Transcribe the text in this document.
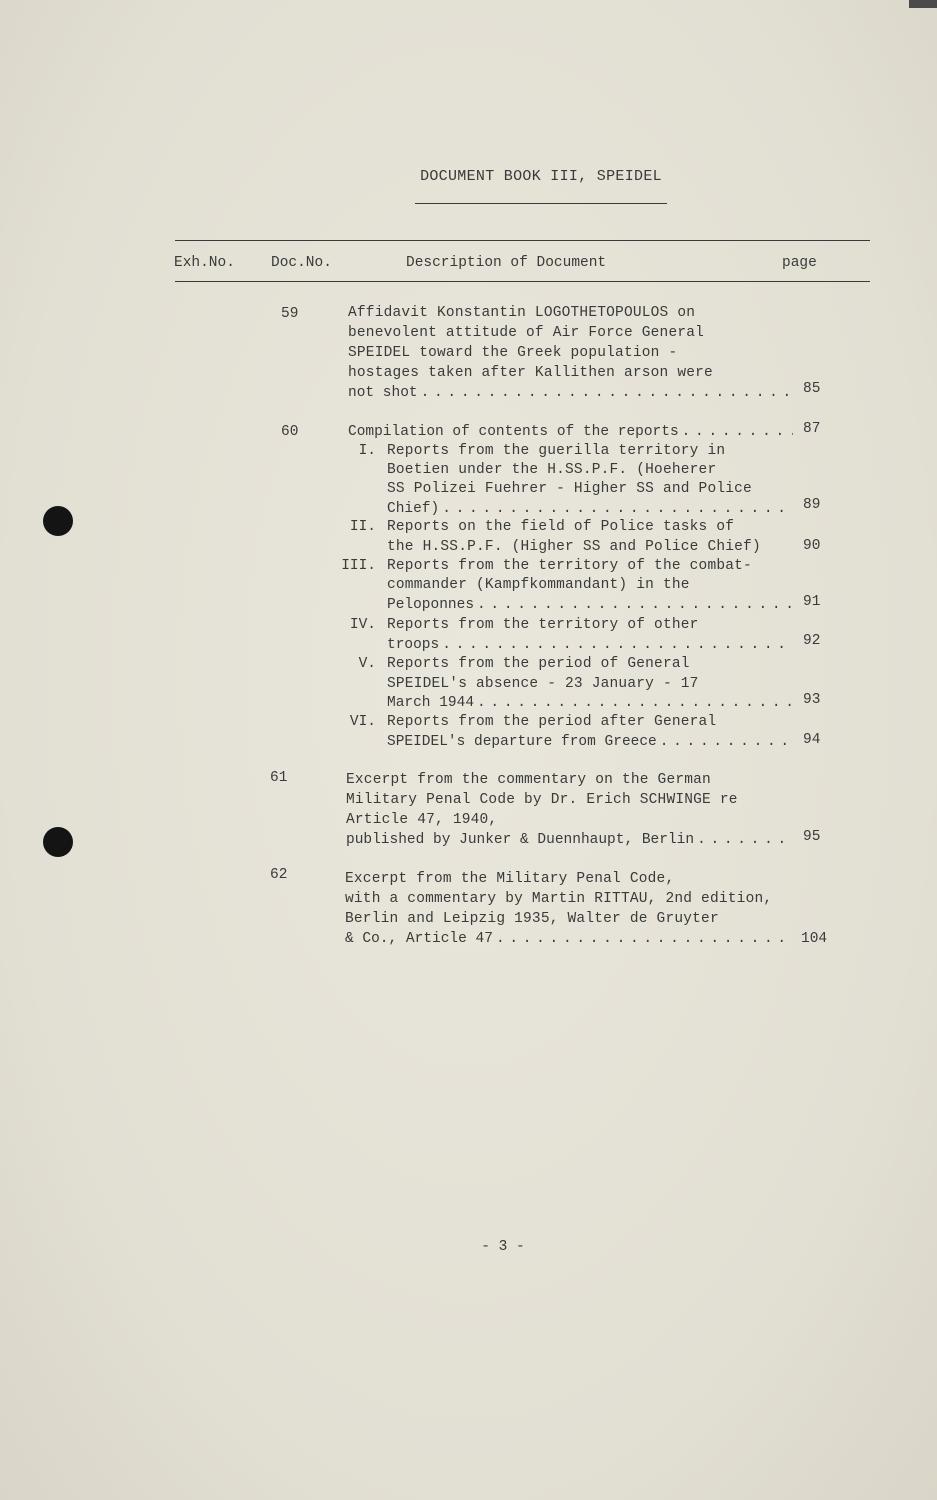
DOCUMENT BOOK III, SPEIDEL
Exh.No. Doc.No.	Description of Document	page
59	Affidavit Konstantin LOGOTHETOPOULOS on
benevolent attitude of Air Force General
SPEIDEL toward the Greek population -
hostages taken after Kallithen arson were
not shot . . .	85
60	Compilation of contents of the reports . . .	87
I. Reports from the guerilla territory in
Boetien under the H.SS.P.F. (Hoeherer
SS Polizei Fuehrer - Higher SS and Police
Chief) . . .	89
II. Reports on the field of Police tasks of
the H.SS.P.F. (Higher SS and Police Chief)	90
III. Reports from the territory of the combat-
commander (Kampfkommandant) in the
Peloponnes . . .	91
IV. Reports from the territory of other
troops . . .	92
V. Reports from the period of General
SPEIDEL's absence - 23 January - 17
March 1944 . . .	93
VI. Reports from the period after General
SPEIDEL's departure from Greece . . .	94
61	Excerpt from the commentary on the German
Military Penal Code by Dr. Erich SCHWINGE re
Article 47, 1940,
published by Junker & Duennhaupt, Berlin . . .	95
62	Excerpt from the Military Penal Code,
with a commentary by Martin RITTAU, 2nd edition,
Berlin and Leipzig 1935, Walter de Gruyter
& Co., Article 47 . . .	104
- 3 -
